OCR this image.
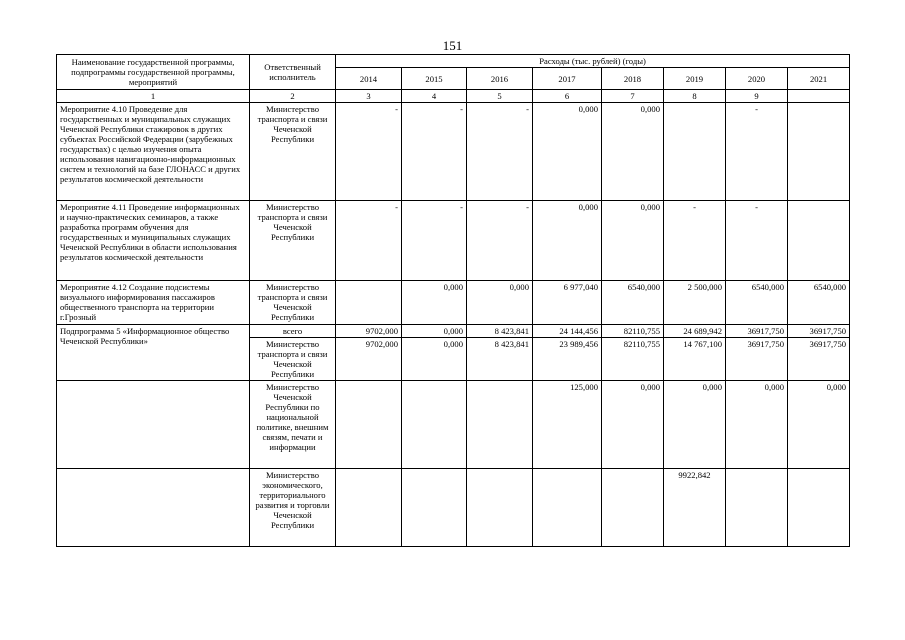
151
Наименование государственной программы, подпрограммы государственной программы, мероприятий	Ответственный исполнитель	Расходы (тыс. рублей) (годы)							
		2014	2015	2016	2017	2018	2019	2020	2021
1	2	3	4	5	6	7	8	9	
Мероприятие 4.10 Проведение для государственных и муниципальных служащих Чеченской Республики стажировок в других субъектах Российской Федерации (зарубежных государствах) с целью изучения опыта использования навигационно-информационных систем и технологий на базе ГЛОНАСС и других результатов космической деятельности	Министерство транспорта и связи Чеченской Республики	-	-	-	0,000	0,000		-	
Мероприятие 4.11 Проведение информационных и научно-практических семинаров, а также разработка программ обучения для государственных и муниципальных служащих Чеченской Республики в области использования результатов космической деятельности	Министерство транспорта и связи Чеченской Республики	-	-	-	0,000	0,000	-	-	
Мероприятие 4.12 Создание подсистемы визуального информирования пассажиров общественного транспорта на территории г.Грозный	Министерство транспорта и связи Чеченской Республики		0,000	0,000	6 977,040	6540,000	2 500,000	6540,000	6540,000
Подпрограмма 5 «Информационное общество Чеченской Республики»	всего	9702,000	0,000	8 423,841	24 144,456	82110,755	24 689,942	36917,750	36917,750
	Министерство транспорта и связи Чеченской Республики	9702,000	0,000	8 423,841	23 989,456	82110,755	14 767,100	36917,750	36917,750
	Министерство Чеченской Республики по национальной политике, внешним связям, печати и информации				125,000	0,000	0,000	0,000	0,000
	Министерство экономического, территориального развития и торговли Чеченской Республики						9922,842		
